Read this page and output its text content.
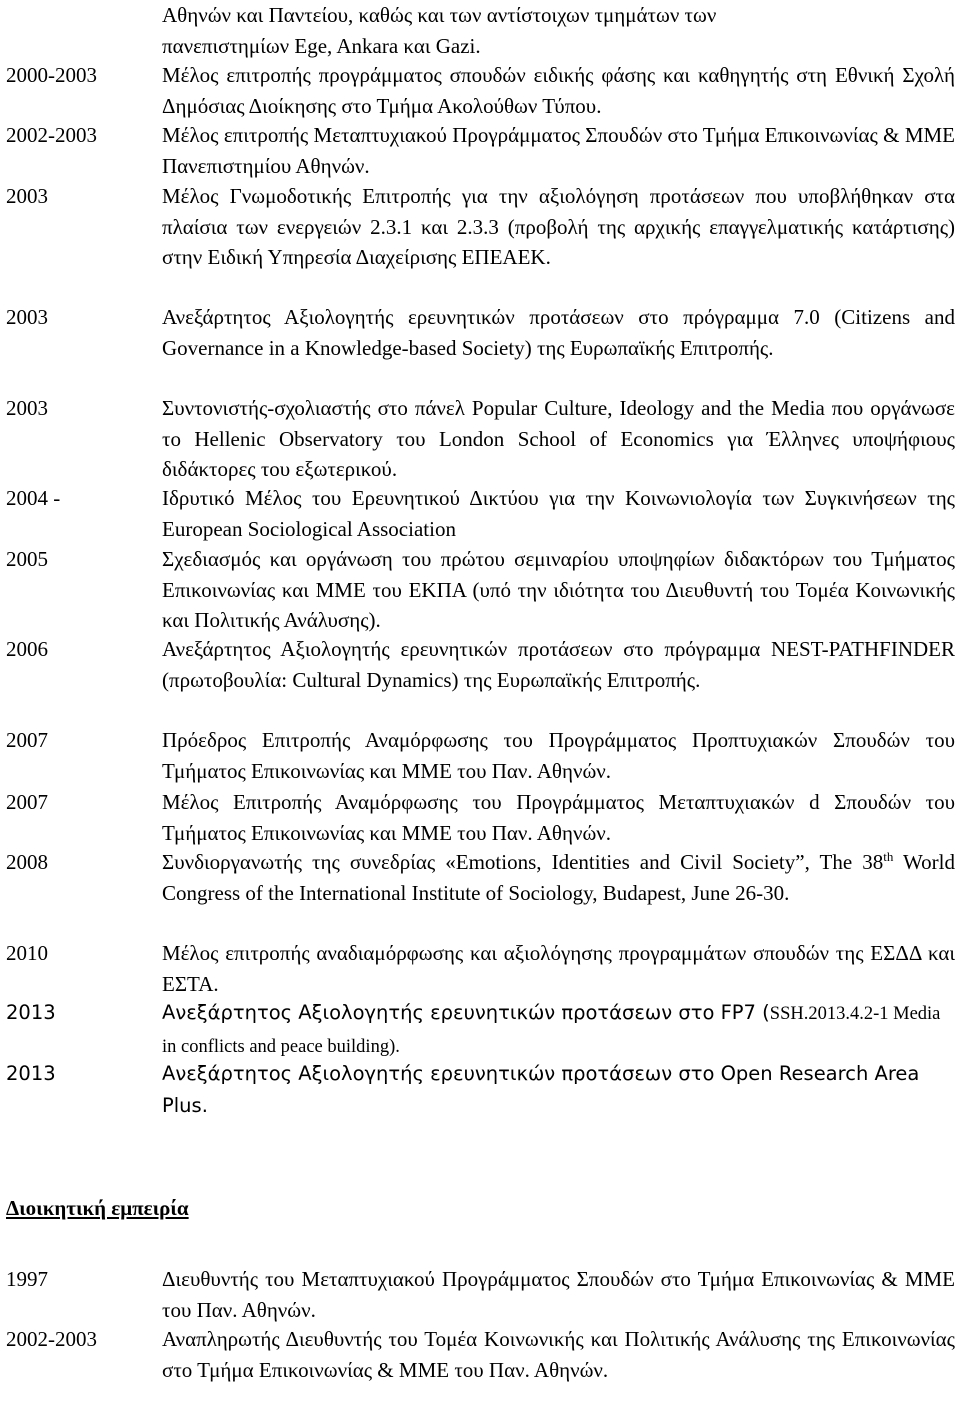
Αθηνών και Παντείου, καθώς και των αντίστοιχων τμημάτων των
πανεπιστημίων Ege, Ankara και Gazi.
2000-2003	Μέλος επιτροπής προγράμματος σπουδών ειδικής φάσης και καθηγητής στη Εθνική Σχολή Δημόσιας Διοίκησης στο Τμήμα Ακολούθων Τύπου.
2002-2003	Μέλος επιτροπής Μεταπτυχιακού Προγράμματος Σπουδών στο Τμήμα Επικοινωνίας & ΜΜΕ Πανεπιστημίου Αθηνών.
2003	Μέλος Γνωμοδοτικής Επιτροπής για την αξιολόγηση προτάσεων που υποβλήθηκαν στα πλαίσια των ενεργειών 2.3.1 και 2.3.3 (προβολή της αρχικής επαγγελματικής κατάρτισης) στην Ειδική Υπηρεσία Διαχείρισης ΕΠΕΑΕΚ.
2003	Ανεξάρτητος Αξιολογητής ερευνητικών προτάσεων στο πρόγραμμα 7.0 (Citizens and Governance in a Knowledge-based Society) της Ευρωπαϊκής Επιτροπής.
2003	Συντονιστής-σχολιαστής στο πάνελ Popular Culture, Ideology and the Media που οργάνωσε το Hellenic Observatory του London School of Economics για Έλληνες υποψήφιους διδάκτορες του εξωτερικού.
2004 -	Ιδρυτικό Μέλος του Ερευνητικού Δικτύου για την Κοινωνιολογία των Συγκινήσεων της European Sociological Association
2005	Σχεδιασμός και οργάνωση του πρώτου σεμιναρίου υποψηφίων διδακτόρων του Τμήματος Επικοινωνίας και ΜΜΕ του ΕΚΠΑ (υπό την ιδιότητα του Διευθυντή του Τομέα Κοινωνικής και Πολιτικής Ανάλυσης).
2006	Ανεξάρτητος Αξιολογητής ερευνητικών προτάσεων στο πρόγραμμα NEST-PATHFINDER (πρωτοβουλία: Cultural Dynamics) της Ευρωπαϊκής Επιτροπής.
2007	Πρόεδρος Επιτροπής Αναμόρφωσης του Προγράμματος Προπτυχιακών Σπουδών του Τμήματος Επικοινωνίας και ΜΜΕ του Παν. Αθηνών.
2007	Μέλος Επιτροπής Αναμόρφωσης του Προγράμματος Μεταπτυχιακών d Σπουδών του Τμήματος Επικοινωνίας και ΜΜΕ του Παν. Αθηνών.
2008	Συνδιοργανωτής της συνεδρίας «Emotions, Identities and Civil Society”, The 38th World Congress of the International Institute of Sociology, Budapest, June 26-30.
2010	Μέλος επιτροπής αναδιαμόρφωσης και αξιολόγησης προγραμμάτων σπουδών της ΕΣΔΔ και ΕΣΤΑ.
2013	Ανεξάρτητος Αξιολογητής ερευνητικών προτάσεων στο FP7 (SSH.2013.4.2-1 Media in conflicts and peace building).
2013	Ανεξάρτητος Αξιολογητής ερευνητικών προτάσεων στο Open Research Area Plus.
Διοικητική εμπειρία
1997	Διευθυντής του Μεταπτυχιακού Προγράμματος Σπουδών στο Τμήμα Επικοινωνίας & ΜΜΕ του Παν. Αθηνών.
2002-2003	Αναπληρωτής Διευθυντής του Τομέα Κοινωνικής και Πολιτικής Ανάλυσης της Επικοινωνίας στο Τμήμα Επικοινωνίας & ΜΜΕ του Παν. Αθηνών.
